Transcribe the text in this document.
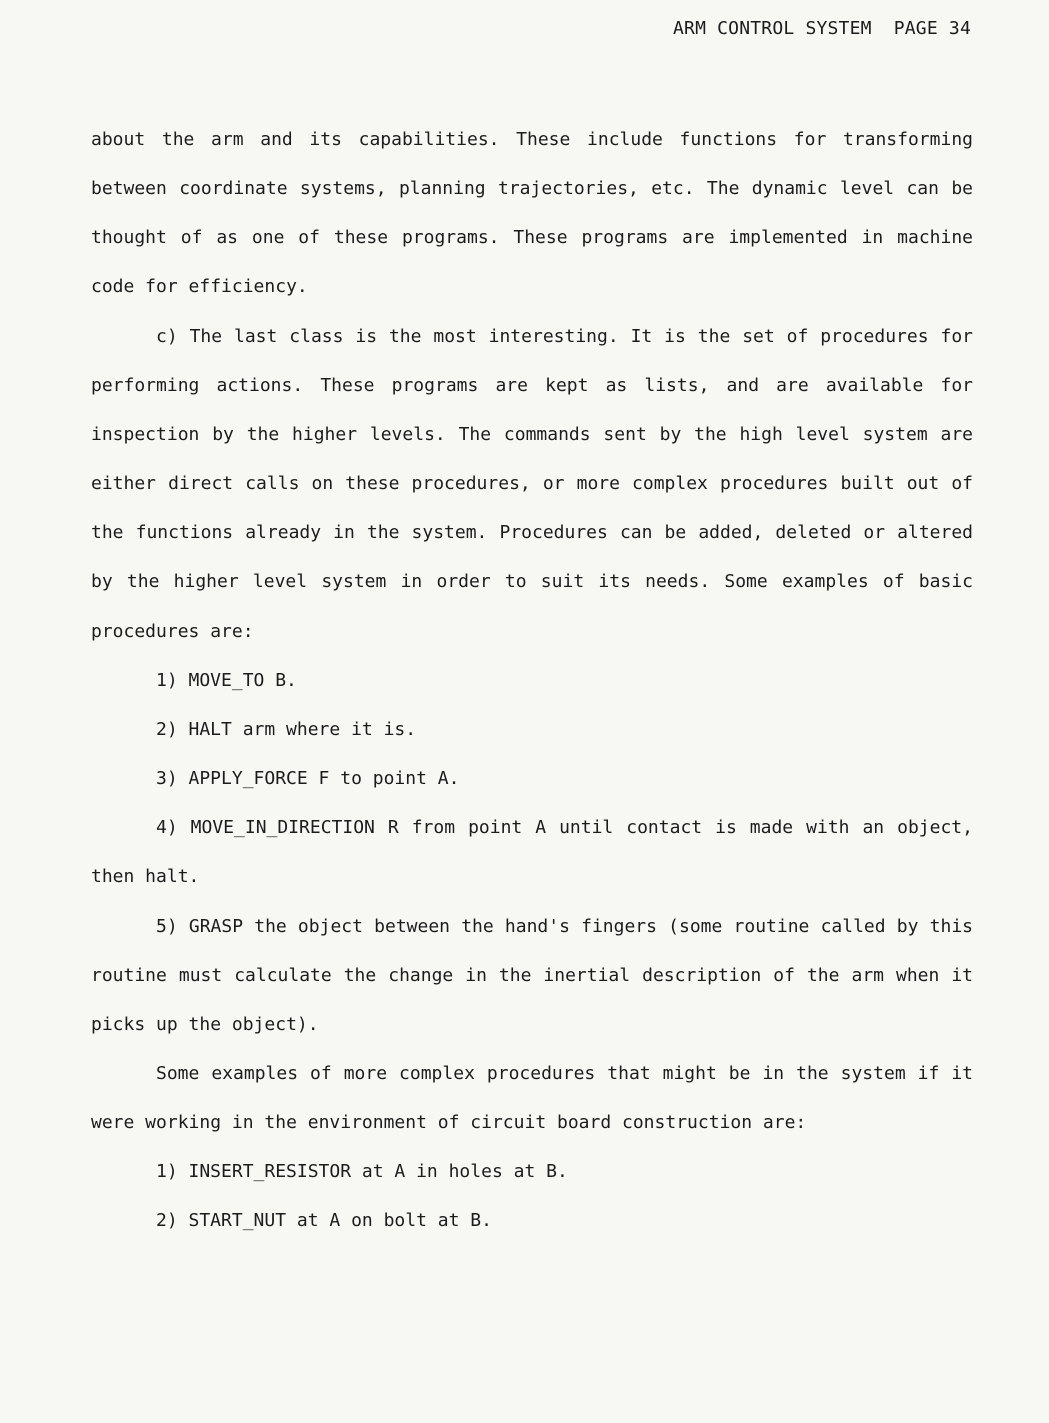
ARM CONTROL SYSTEM  PAGE 34

about the arm and its capabilities. These include functions for transforming between coordinate systems, planning trajectories, etc. The dynamic level can be thought of as one of these programs. These programs are implemented in machine code for efficiency.

c) The last class is the most interesting. It is the set of procedures for performing actions. These programs are kept as lists, and are available for inspection by the higher levels. The commands sent by the high level system are either direct calls on these procedures, or more complex procedures built out of the functions already in the system. Procedures can be added, deleted or altered by the higher level system in order to suit its needs. Some examples of basic procedures are:

1) MOVE_TO B.

2) HALT arm where it is.

3) APPLY_FORCE F to point A.

4) MOVE_IN_DIRECTION R from point A until contact is made with an object, then halt.

5) GRASP the object between the hand's fingers (some routine called by this routine must calculate the change in the inertial description of the arm when it picks up the object).

Some examples of more complex procedures that might be in the system if it were working in the environment of circuit board construction are:

1) INSERT_RESISTOR at A in holes at B.

2) START_NUT at A on bolt at B.
